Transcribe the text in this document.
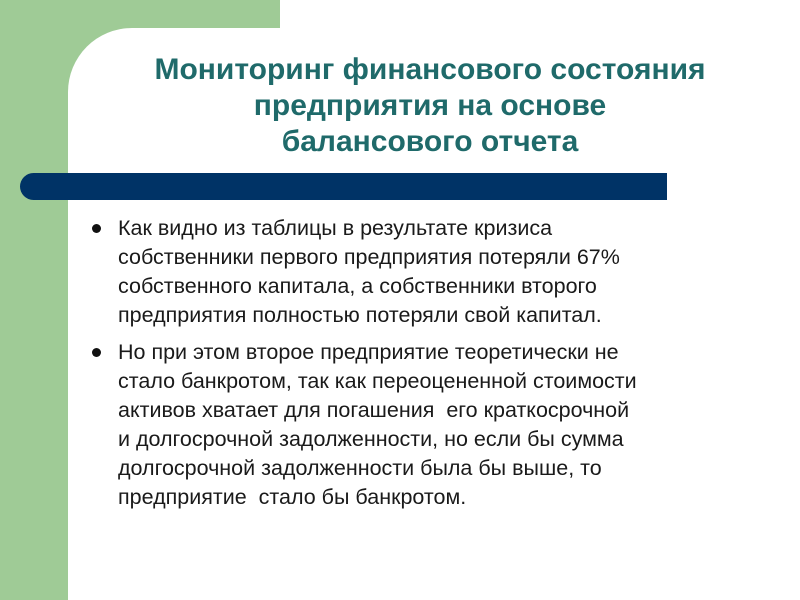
Мониторинг финансового состояния
предприятия на основе
балансового отчета
Как видно из таблицы в результате кризиса
собственники первого предприятия потеряли 67%
собственного капитала, а собственники второго
предприятия полностью потеряли свой капитал.
Но при этом второе предприятие теоретически не
стало банкротом, так как переоцененной стоимости
активов хватает для погашения  его краткосрочной
и долгосрочной задолженности, но если бы сумма
долгосрочной задолженности была бы выше, то
предприятие  стало бы банкротом.
